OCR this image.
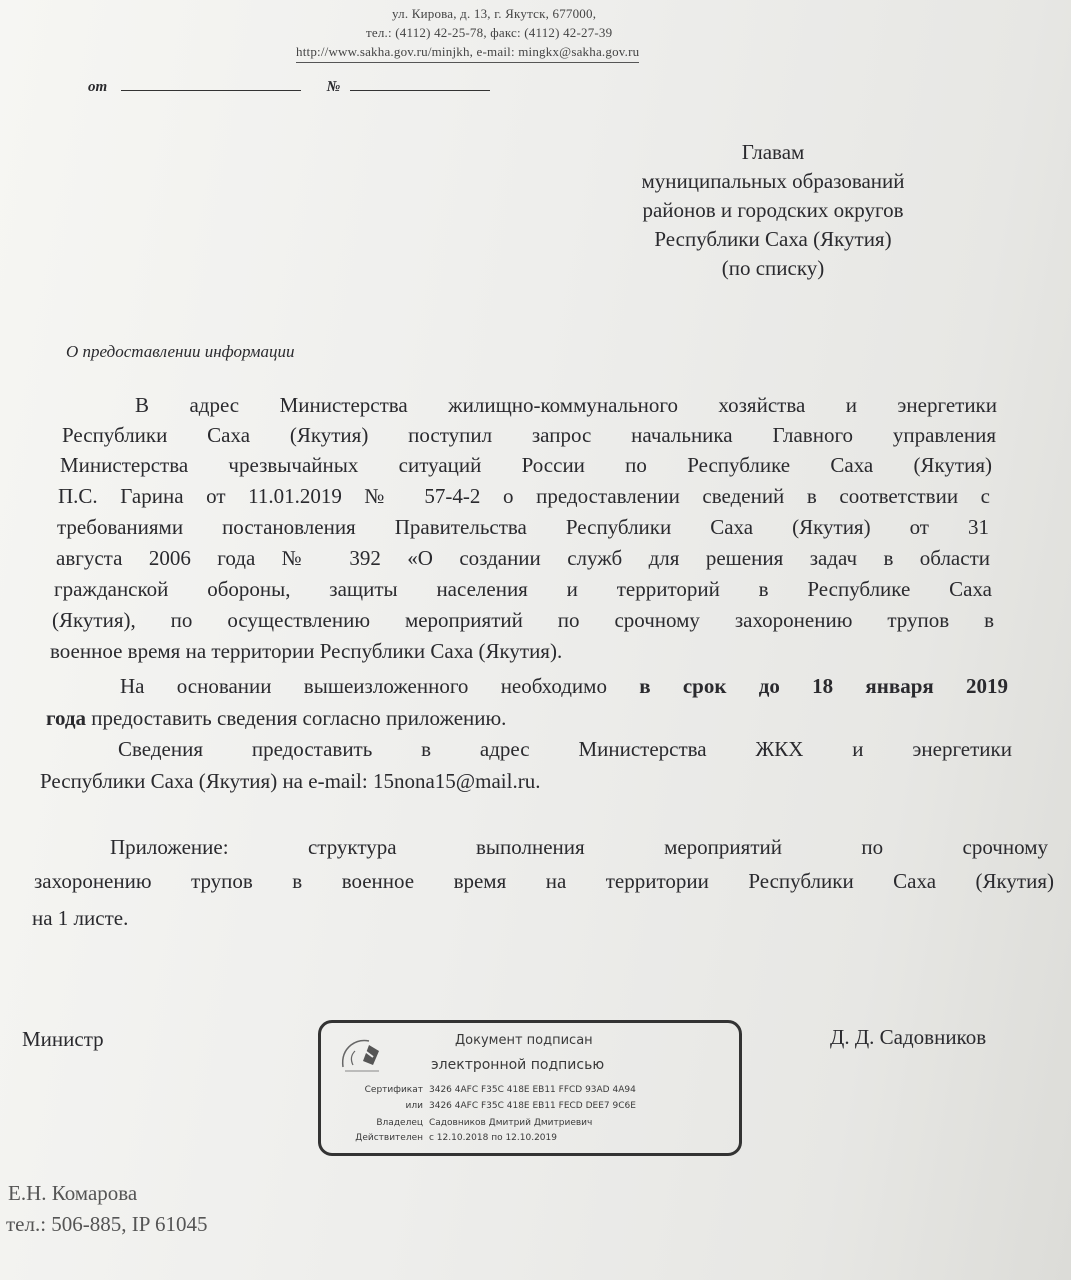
ул. Кирова, д. 13, г. Якутск, 677000,
тел.: (4112) 42-25-78, факс: (4112) 42-27-39
http://www.sakha.gov.ru/minjkh, e-mail: mingkx@sakha.gov.ru
от	№
Главам
муниципальных образований
районов и городских округов
Республики Саха (Якутия)
(по списку)
О предоставлении информации
В адрес Министерства жилищно-коммунального хозяйства и энергетики
Республики Саха (Якутия) поступил запрос начальника Главного управления
Министерства чрезвычайных ситуаций России по Республике Саха (Якутия)
П.С. Гарина от 11.01.2019 № 57-4-2 о предоставлении сведений в соответствии с
требованиями постановления Правительства Республики Саха (Якутия) от 31
августа 2006 года № 392 «О создании служб для решения задач в области
гражданской обороны, защиты населения и территорий в Республике Саха
(Якутия), по осуществлению мероприятий по срочному захоронению трупов в
военное время на территории Республики Саха (Якутия).
На основании вышеизложенного необходимо в срок до 18 января 2019
года предоставить сведения согласно приложению.
Сведения предоставить в адрес Министерства ЖКХ и энергетики
Республики Саха (Якутия) на e-mail: 15nona15@mail.ru.
Приложение: структура выполнения мероприятий по срочному
захоронению трупов в военное время на территории Республики Саха (Якутия)
на 1 листе.
Министр	Д. Д. Садовников
Документ подписан
электронной подписью
Сертификат 3426 4AFC F35C 418E EB11 FFCD 93AD 4A94
или 3426 4AFC F35C 418E EB11 FECD DEE7 9C6E
Владелец Садовников Дмитрий Дмитриевич
Действителен с 12.10.2018 по 12.10.2019
Е.Н. Комарова
тел.: 506-885, IP 61045
